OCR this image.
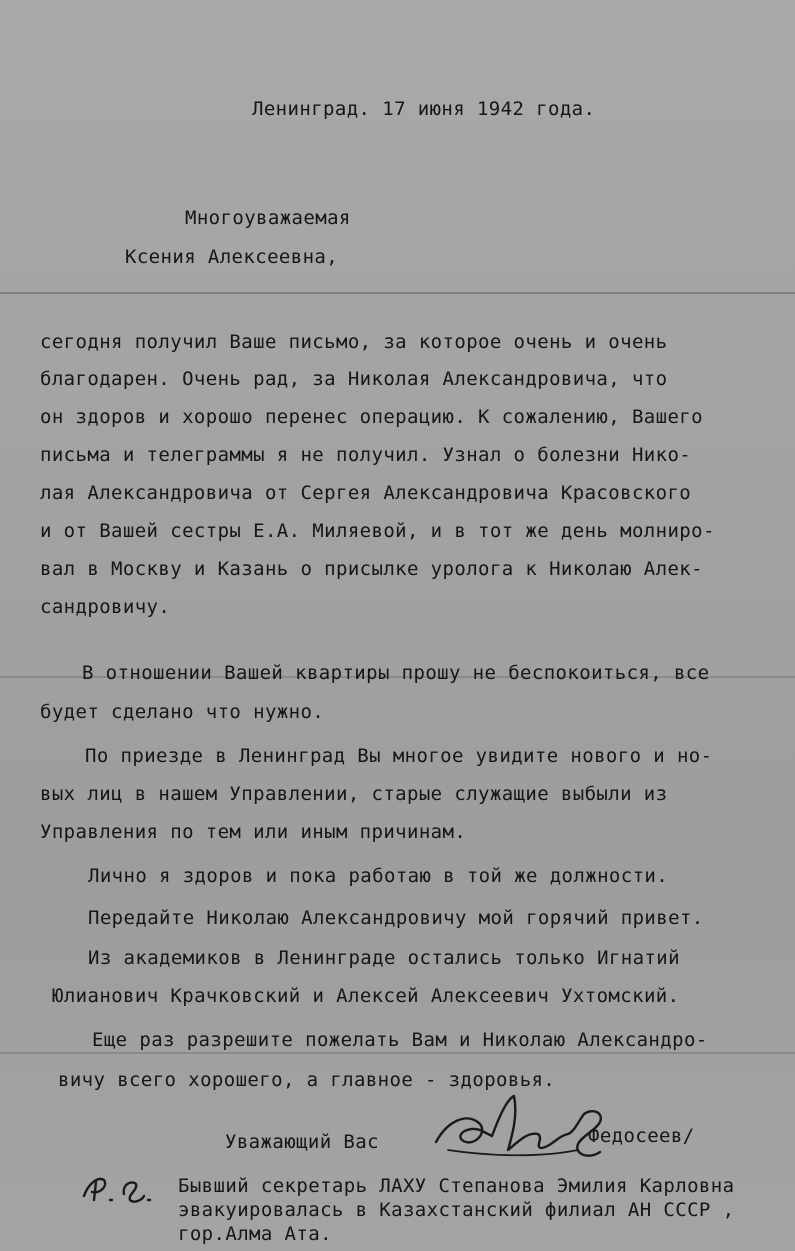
Ленинград. 17 июня 1942 года.
Многоуважаемая
Ксения Алексеевна,
сегодня получил Ваше письмо, за которое очень и очень
благодарен. Очень рад, за Николая Александровича, что
он здоров и хорошо перенес операцию. К сожалению, Вашего
письма и телеграммы я не получил. Узнал о болезни Нико-
лая Александровича от Сергея Александровича Красовского
и от Вашей сестры Е.А. Миляевой, и в тот же день молниро-
вал в Москву и Казань о присылке уролога к Николаю Алек-
сандровичу.
В отношении Вашей квартиры прошу не беспокоиться, все
будет сделано что нужно.
По приезде в Ленинград Вы многое увидите нового и но-
вых лиц в нашем Управлении, старые служащие выбыли из
Управления по тем или иным причинам.
Лично я здоров и пока работаю в той же должности.
Передайте Николаю Александровичу мой горячий привет.
Из академиков в Ленинграде остались только Игнатий
Юлианович Крачковский и Алексей Алексеевич Ухтомский.
Еще раз разрешите пожелать Вам и Николаю Александро-
вичу всего хорошего, а главное - здоровья.
Уважающий Вас	Федосеев/
Бывший секретарь ЛАХУ Степанова Эмилия Карловна
эвакуировалась в Казахстанский филиал АН СССР ,
гор.Алма Ата.
